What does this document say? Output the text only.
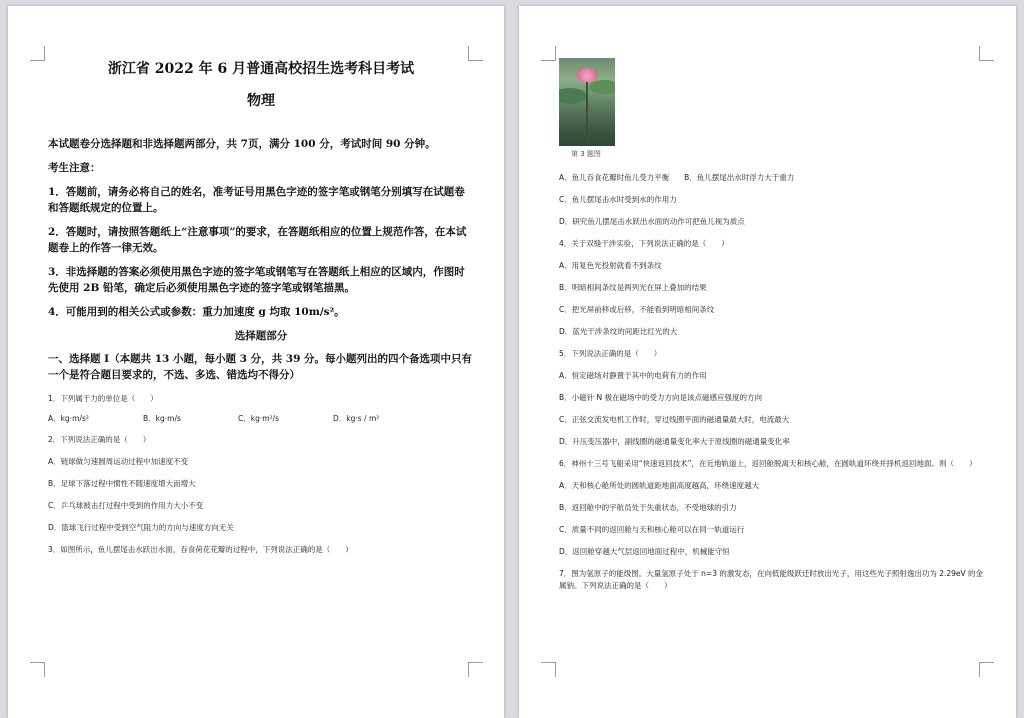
浙江省 2022 年 6 月普通高校招生选考科目考试

物理

本试题卷分选择题和非选择题两部分，共 7页，满分 100 分，考试时间 90 分钟。

考生注意：

1．答题前，请务必将自己的姓名，准考证号用黑色字迹的签字笔或钢笔分别填写在试题卷和答题纸规定的位置上。

2．答题时，请按照答题纸上“注意事项”的要求，在答题纸相应的位置上规范作答，在本试题卷上的作答一律无效。

3．非选择题的答案必须使用黑色字迹的签字笔或钢笔写在答题纸上相应的区域内，作图时先使用 2B 铅笔，确定后必须使用黑色字迹的签字笔或钢笔描黑。

4．可能用到的相关公式或参数：重力加速度 g 均取 10m/s²。

选择题部分

一、选择题 I（本题共 13 小题，每小题 3 分，共 39 分。每小题列出的四个备选项中只有一个是符合题目要求的，不选、多选、错选均不得分）

1．下列属于力的单位是（　　）

A．kg·m/s²	B．kg·m/s	C．kg·m²/s	D．kg·s / m²

2．下列说法正确的是（　　）

A．链球做匀速圆周运动过程中加速度不变

B．足球下落过程中惯性不随速度增大而增大

C．乒乓球被击打过程中受到的作用力大小不变

D．篮球飞行过程中受到空气阻力的方向与速度方向无关

3．如图所示，鱼儿摆尾击水跃出水面，吞食荷花花瓣的过程中，下列说法正确的是（　　）

第 3 题图

A．鱼儿吞食花瓣时鱼儿受力平衡　　B．鱼儿摆尾出水时浮力大于重力

C．鱼儿摆尾击水时受到水的作用力

D．研究鱼儿摆尾击水跃出水面的动作可把鱼儿视为质点

4．关于双缝干涉实验，下列说法正确的是（　　）

A．用复色光投射就看不到条纹

B．明暗相间条纹是两列光在屏上叠加的结果

C．把光屏前移或后移，不能看到明暗相间条纹

D．蓝光干涉条纹的间距比红光的大

5．下列说法正确的是（　　）

A．恒定磁场对静置于其中的电荷有力的作用

B．小磁针 N 极在磁场中的受力方向是该点磁感应强度的方向

C．正弦交流发电机工作时，穿过线圈平面的磁通量最大时，电流最大

D．升压变压器中，副线圈的磁通量变化率大于原线圈的磁通量变化率

6．神州十三号飞船采用“快速返回技术”，在近地轨道上，返回舱脱离天和核心舱，在圆轨道环绕并择机返回地面。则（　　）

A．天和核心舱所处的圆轨道距地面高度越高，环绕速度越大

B．返回舱中的宇航员处于失重状态，不受地球的引力

C．质量不同的返回舱与天和核心舱可以在同一轨道运行

D．返回舱穿越大气层返回地面过程中，机械能守恒

7．图为氢原子的能级图。大量氢原子处于 n=3 的激发态，在向低能级跃迁时放出光子，用这些光子照射逸出功为 2.29eV 的金属钠。下列说法正确的是（　　）
